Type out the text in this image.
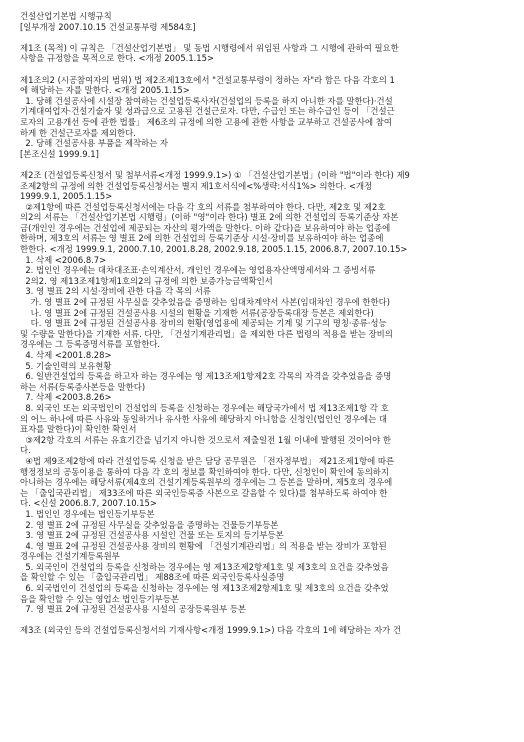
건설산업기본법 시행규칙
[일부개정 2007.10.15 건설교통부령 제584호]
제1조 (목적) 이 규칙은 「건설산업기본법」 및 동법 시행령에서 위임된 사항과 그 시행에 관하여 필요한
사항을 규정함을 목적으로 한다. <개정 2005.1.15>
제1조의2 (시공참여자의 범위) 법 제2조제13호에서 "건설교통부령이 정하는 자"라 함은 다음 각호의 1
에 해당하는 자를 말한다. <개정 2005.1.15>
1. 당해 건설공사에 시설장 참여하는 건설업등록사자(건설업의 등록을 하지 아니한 자를 말한다)·건설
기계대여업자·건설기술자 및 성과급으로 고용된 건설근로자. 다만, 수급인 또는 하수급인 등이 「건설근
로자의 고용개선 등에 관한 법률」 제6조의 규정에 의한 고용에 관한 사항을 교부하고 건설공사에 참여
하게 한 건설근로자를 제외한다.
2. 당해 건설공사용 부품을 제작하는 자
[본조신설 1999.9.1]
제2조 (건설업등록신청서 및 첨부서류<개정 1999.9.1>) ① 「건설산업기본법」(이하 "법"이라 한다) 제9
조제2항의 규정에 의한 건설업등록신청서는 별지 제1호서식에<%생략:서식1%> 의한다. <개정
1999.9.1, 2005.1.15>
②제1항에 따른 건설업등록신청서에는 다음 각 호의 서류를 첨부하여야 한다. 다만, 제2호 및 제2호
의2의 서류는 「건설산업기본법 시행령」(이하 "영"이라 한다) 별표 2에 의한 건설업의 등록기준상 자본
금(개인인 경우에는 건설업에 제공되는 자산의 평가액을 말한다. 이하 같다)을 보유하여야 하는 업종에
한하며, 제3호의 서류는 영 별표 2에 의한 건설업의 등록기준상 시설·장비를 보유하여야 하는 업종에
한한다. <개정 1999.9.1, 2000.7.10, 2001.8.28, 2002.9.18, 2005.1.15, 2006.8.7, 2007.10.15>
1. 삭제 <2006.8.7>
2. 법인인 경우에는 대차대조표·손익계산서, 개인인 경우에는 영업용자산액명세서와 그 증빙서류
2의2. 영 제13조제1항제1호의2의 규정에 의한 보증가능금액확인서
3. 영 별표 2의 시설·장비에 관한 다음 각 목의 서류
가. 영 별표 2에 규정된 사무실을 갖추었음을 증명하는 임대차계약서 사본(임대차인 경우에 한한다)
나. 영 별표 2에 규정된 건설공사용 시설의 현황을 기재한 서류(공장등록대장 등본은 제외한다)
다. 영 별표 2에 규정된 건설공사용 장비의 현황(영업용에 제공되는 기계 및 기구의 명칭·종류·성능
및 수량을 말한다)을 기재한 서류. 다만, 「건설기계관리법」을 제외한 다른 법령의 적용을 받는 장비의
경우에는 그 등록증명서류를 포함한다.
4. 삭제 <2001.8.28>
5. 기술인력의 보유현황
6. 일반건설업의 등록을 하고자 하는 경우에는 영 제13조제1항제2호 각목의 자격을 갖추었음을 증명
하는 서류(등록증사본등을 말한다)
7. 삭제 <2003.8.26>
8. 외국인 또는 외국법인이 건설업의 등록을 신청하는 경우에는 해당국가에서 법 제13조제1항 각 호
의 어느 하나에 따른 사유와 동일하거나 유사한 사유에 해당하지 아니함을 신청인(법인인 경우에는 대
표자를 말한다)이 확인한 확인서
③제2항 각호의 서류는 유효기간을 넘기지 아니한 것으로서 제출일전 1월 이내에 발행된 것이어야 한
다.
④법 제9조제2항에 따라 건설업등록 신청을 받은 담당 공무원은 「전자정부법」 제21조제1항에 따른
행정정보의 공동이용을 통하여 다음 각 호의 정보를 확인하여야 한다. 다만, 신청인이 확인에 동의하지
아니하는 경우에는 해당서류(제4호의 건설기계등록원부의 경우에는 그 등본을 말하며, 제5호의 경우에
는 「출입국관리법」 제33조에 따른 외국인등록증 사본으로 갈음할 수 있다)를 첨부하도록 하여야 한
다. <신설 2006.8.7, 2007.10.15>
1. 법인인 경우에는 법인등기부등본
2. 영 별표 2에 규정된 사무실을 갖추었음을 증명하는 건물등기부등본
3. 영 별표 2에 규정된 건설공사용 시설인 건물 또는 토지의 등기부등본
4. 영 별표 2에 규정된 건설공사용 장비의 현황에 「건설기계관리법」의 적용을 받는 장비가 포함된
경우에는 건설기계등록원부
5. 외국인이 건설업의 등록을 신청하는 경우에는 영 제13조제2항제1호 및 제3호의 요건을 갖추었음
을 확인할 수 있는 「출입국관리법」 제88조에 따른 외국인등록사실증명
6. 외국법인이 건설업의 등록을 신청하는 경우에는 영 제13조제2항제1호 및 제3호의 요건을 갖추었
음을 확인할 수 있는 영업소 법인등기부등본
7. 영 별표 2에 규정된 건설공사용 시설의 공장등록원부 등본
제3조 (외국인 등의 건설업등록신청서의 기재사항<개정 1999.9.1>) 다음 각호의 1에 해당하는 자가 건
